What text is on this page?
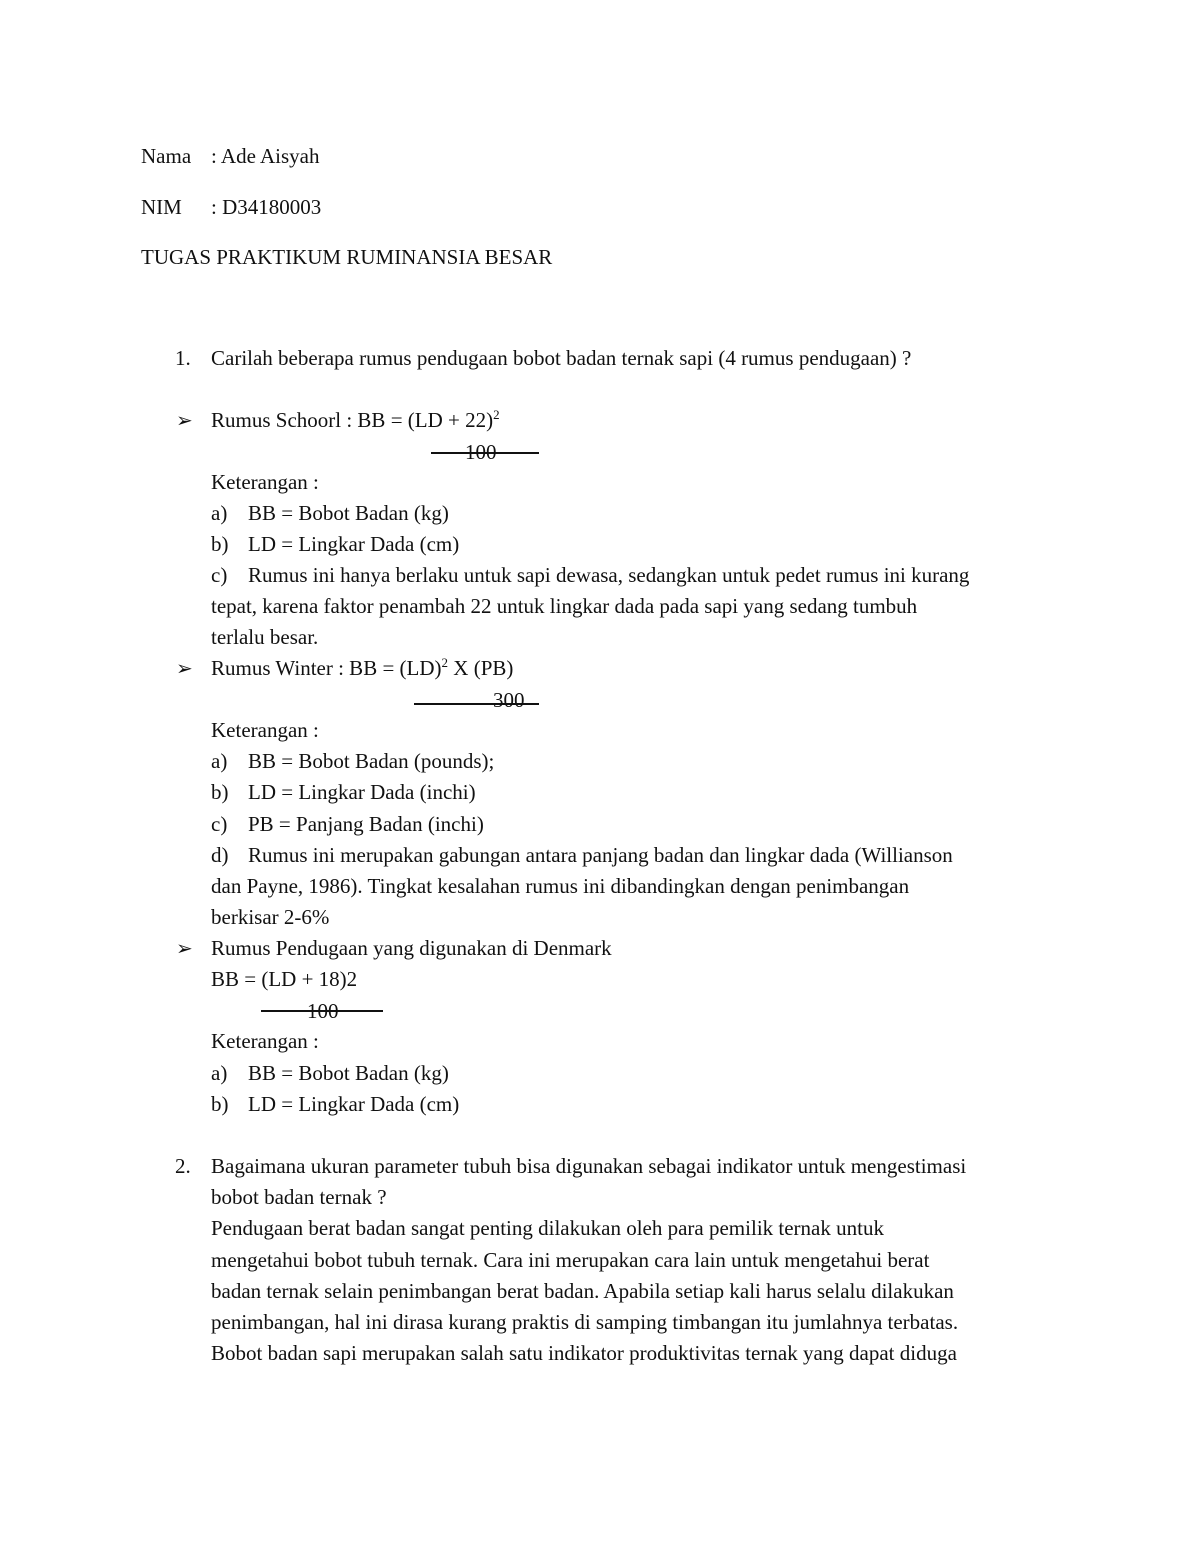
Nama : Ade Aisyah
NIM : D34180003
TUGAS PRAKTIKUM RUMINANSIA BESAR
1. Carilah beberapa rumus pendugaan bobot badan ternak sapi (4 rumus pendugaan) ?
➢ Rumus Schoorl : BB = (LD + 22)$^2$
100
Keterangan :
a) BB = Bobot Badan (kg)
b) LD = Lingkar Dada (cm)
c) Rumus ini hanya berlaku untuk sapi dewasa, sedangkan untuk pedet rumus ini kurang
tepat, karena faktor penambah 22 untuk lingkar dada pada sapi yang sedang tumbuh
terlalu besar.
➢ Rumus Winter : BB = (LD)$^2$ X (PB)
300
Keterangan :
a) BB = Bobot Badan (pounds);
b) LD = Lingkar Dada (inchi)
c) PB = Panjang Badan (inchi)
d) Rumus ini merupakan gabungan antara panjang badan dan lingkar dada (Willianson
dan Payne, 1986). Tingkat kesalahan rumus ini dibandingkan dengan penimbangan
berkisar 2-6%
➢ Rumus Pendugaan yang digunakan di Denmark
BB = (LD + 18)2
100
Keterangan :
a) BB = Bobot Badan (kg)
b) LD = Lingkar Dada (cm)
2. Bagaimana ukuran parameter tubuh bisa digunakan sebagai indikator untuk mengestimasi
bobot badan ternak ?
Pendugaan berat badan sangat penting dilakukan oleh para pemilik ternak untuk
mengetahui bobot tubuh ternak. Cara ini merupakan cara lain untuk mengetahui berat
badan ternak selain penimbangan berat badan. Apabila setiap kali harus selalu dilakukan
penimbangan, hal ini dirasa kurang praktis di samping timbangan itu jumlahnya terbatas.
Bobot badan sapi merupakan salah satu indikator produktivitas ternak yang dapat diduga
